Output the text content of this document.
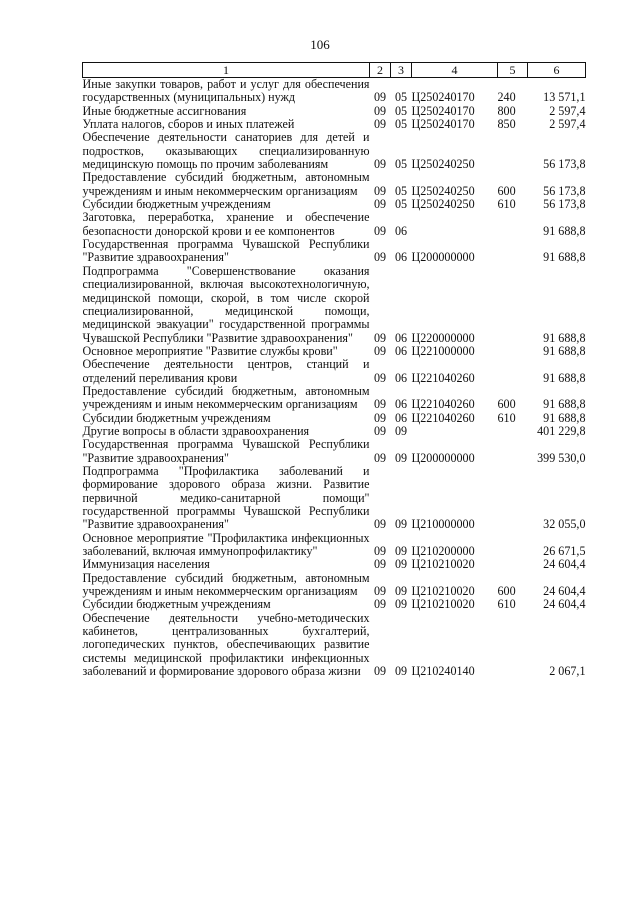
106
1	2	3	4	5	6
Иные закупки товаров, работ и услуг для обеспечения государственных (муниципальных) нужд	09	05	Ц250240170	240	13 571,1
Иные бюджетные ассигнования	09	05	Ц250240170	800	2 597,4
Уплата налогов, сборов и иных платежей	09	05	Ц250240170	850	2 597,4
Обеспечение деятельности санаториев для детей и подростков, оказывающих специализированную медицинскую помощь по прочим заболеваниям	09	05	Ц250240250		56 173,8
Предоставление субсидий бюджетным, автономным учреждениям и иным некоммерческим организациям	09	05	Ц250240250	600	56 173,8
Субсидии бюджетным учреждениям	09	05	Ц250240250	610	56 173,8
Заготовка, переработка, хранение и обеспечение безопасности донорской крови и ее компонентов	09	06			91 688,8
Государственная программа Чувашской Республики "Развитие здравоохранения"	09	06	Ц200000000		91 688,8
Подпрограмма "Совершенствование оказания специализированной, включая высокотехнологичную, медицинской помощи, скорой, в том числе скорой специализированной, медицинской помощи, медицинской эвакуации" государственной программы Чувашской Республики "Развитие здравоохранения"	09	06	Ц220000000		91 688,8
Основное мероприятие "Развитие службы крови"	09	06	Ц221000000		91 688,8
Обеспечение деятельности центров, станций и отделений переливания крови	09	06	Ц221040260		91 688,8
Предоставление субсидий бюджетным, автономным учреждениям и иным некоммерческим организациям	09	06	Ц221040260	600	91 688,8
Субсидии бюджетным учреждениям	09	06	Ц221040260	610	91 688,8
Другие вопросы в области здравоохранения	09	09			401 229,8
Государственная программа Чувашской Республики "Развитие здравоохранения"	09	09	Ц200000000		399 530,0
Подпрограмма "Профилактика заболеваний и формирование здорового образа жизни. Развитие первичной медико-санитарной помощи" государственной программы Чувашской Республики "Развитие здравоохранения"	09	09	Ц210000000		32 055,0
Основное мероприятие "Профилактика инфекционных заболеваний, включая иммунопрофилактику"	09	09	Ц210200000		26 671,5
Иммунизация населения	09	09	Ц210210020		24 604,4
Предоставление субсидий бюджетным, автономным учреждениям и иным некоммерческим организациям	09	09	Ц210210020	600	24 604,4
Субсидии бюджетным учреждениям	09	09	Ц210210020	610	24 604,4
Обеспечение деятельности учебно-методических кабинетов, централизованных бухгалтерий, логопедических пунктов, обеспечивающих развитие системы медицинской профилактики инфекционных заболеваний и формирование здорового образа жизни	09	09	Ц210240140		2 067,1
